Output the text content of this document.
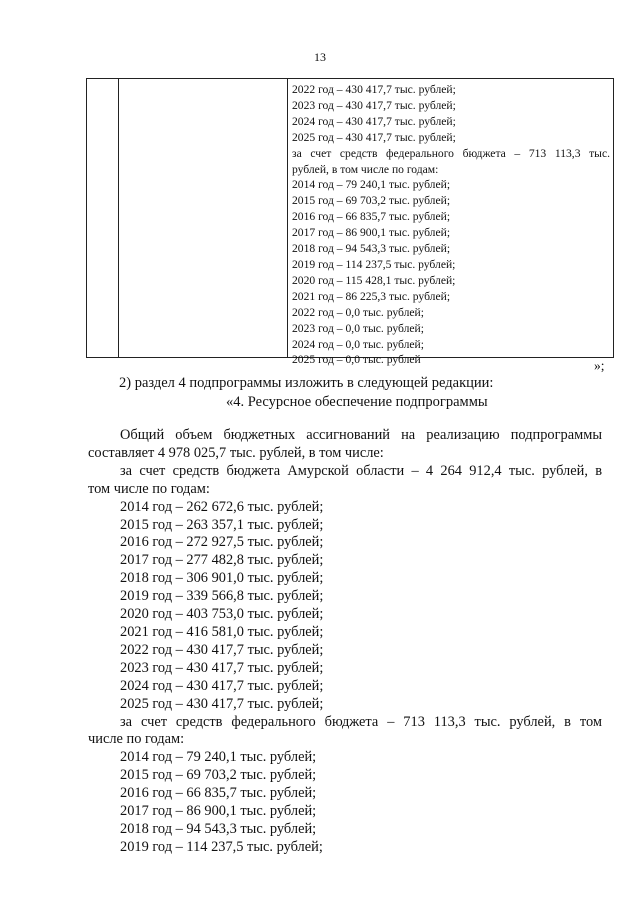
13
2022 год – 430 417,7 тыс. рублей;
2023 год – 430 417,7 тыс. рублей;
2024 год – 430 417,7 тыс. рублей;
2025 год – 430 417,7 тыс. рублей;
за счет средств федерального бюджета – 713 113,3 тыс.
рублей, в том числе по годам:
2014 год – 79 240,1 тыс. рублей;
2015 год – 69 703,2 тыс. рублей;
2016 год – 66 835,7 тыс. рублей;
2017 год – 86 900,1 тыс. рублей;
2018 год – 94 543,3 тыс. рублей;
2019 год – 114 237,5 тыс. рублей;
2020 год – 115 428,1 тыс. рублей;
2021 год – 86 225,3 тыс. рублей;
2022 год – 0,0 тыс. рублей;
2023 год – 0,0 тыс. рублей;
2024 год – 0,0 тыс. рублей;
2025 год – 0,0 тыс. рублей	»;
2) раздел 4 подпрограммы изложить в следующей редакции:
«4. Ресурсное обеспечение подпрограммы
Общий объем бюджетных ассигнований на реализацию подпрограммы
составляет 4 978 025,7 тыс. рублей, в том числе:
за счет средств бюджета Амурской области – 4 264 912,4 тыс. рублей, в
том числе по годам:
2014 год – 262 672,6 тыс. рублей;
2015 год – 263 357,1 тыс. рублей;
2016 год – 272 927,5 тыс. рублей;
2017 год – 277 482,8 тыс. рублей;
2018 год – 306 901,0 тыс. рублей;
2019 год – 339 566,8 тыс. рублей;
2020 год – 403 753,0 тыс. рублей;
2021 год – 416 581,0 тыс. рублей;
2022 год – 430 417,7 тыс. рублей;
2023 год – 430 417,7 тыс. рублей;
2024 год – 430 417,7 тыс. рублей;
2025 год – 430 417,7 тыс. рублей;
за счет средств федерального бюджета – 713 113,3 тыс. рублей, в том
числе по годам:
2014 год – 79 240,1 тыс. рублей;
2015 год – 69 703,2 тыс. рублей;
2016 год – 66 835,7 тыс. рублей;
2017 год – 86 900,1 тыс. рублей;
2018 год – 94 543,3 тыс. рублей;
2019 год – 114 237,5 тыс. рублей;
